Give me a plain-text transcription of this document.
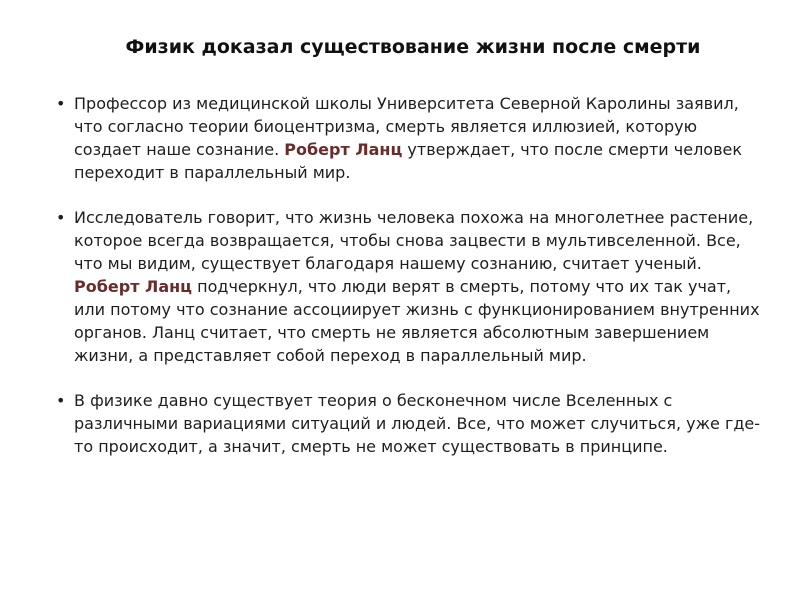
Физик доказал существование жизни после смерти
• Профессор из медицинской школы Университета Северной Каролины заявил, что согласно теории биоцентризма, смерть является иллюзией, которую создает наше сознание. Роберт Ланц утверждает, что после смерти человек переходит в параллельный мир.
• Исследователь говорит, что жизнь человека похожа на многолетнее растение, которое всегда возвращается, чтобы снова зацвести в мультивселенной. Все, что мы видим, существует благодаря нашему сознанию, считает ученый. Роберт Ланц подчеркнул, что люди верят в смерть, потому что их так учат, или потому что сознание ассоциирует жизнь с функционированием внутренних органов. Ланц считает, что смерть не является абсолютным завершением жизни, а представляет собой переход в параллельный мир.
• В физике давно существует теория о бесконечном числе Вселенных с различными вариациями ситуаций и людей. Все, что может случиться, уже где-то происходит, а значит, смерть не может существовать в принципе.
